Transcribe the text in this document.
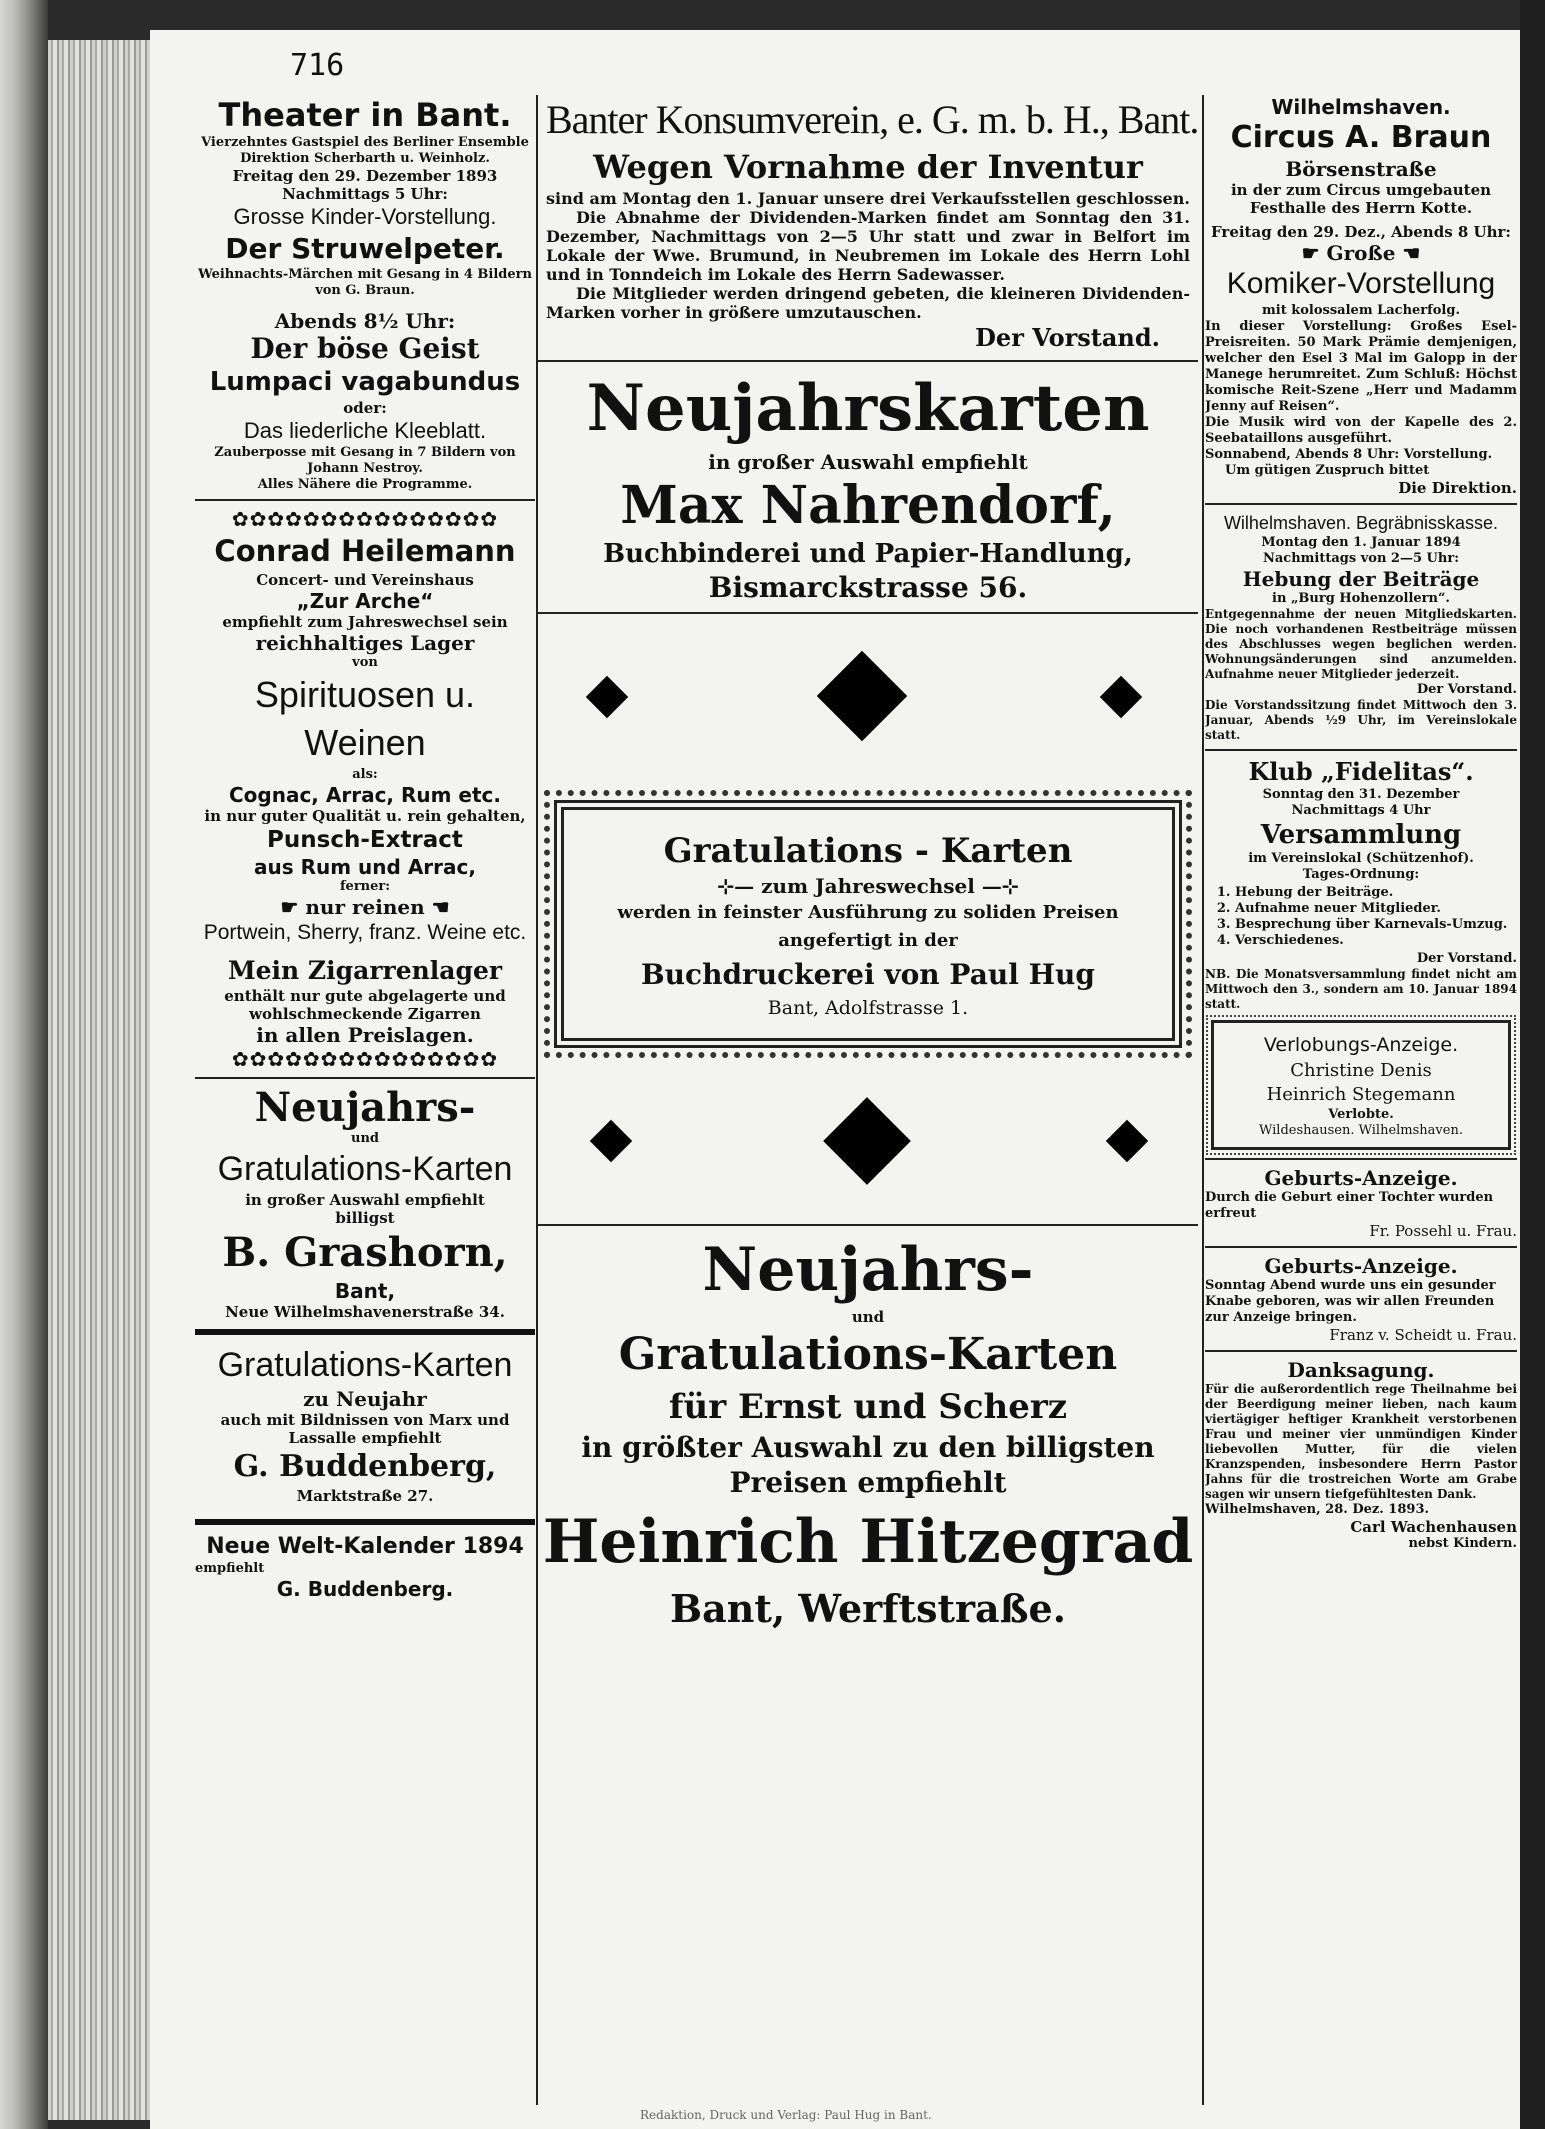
716
Theater in Bant.
Vierzehntes Gastspiel des Berliner Ensemble
Direktion Scherbarth u. Weinholz.
Freitag den 29. Dezember 1893
Nachmittags 5 Uhr:
Grosse Kinder-Vorstellung.
Der Struwelpeter.
Weihnachts-Märchen mit Gesang in 4 Bildern
von G. Braun.
Abends 8½ Uhr:
Der böse Geist
Lumpaci vagabundus
oder:
Das liederliche Kleeblatt.
Zauberposse mit Gesang in 7 Bildern von
Johann Nestroy.
Alles Nähere die Programme.
✿✿✿✿✿✿✿✿✿✿✿✿✿✿✿
Conrad Heilemann
Concert- und Vereinshaus
„Zur Arche“
empfiehlt zum Jahreswechsel sein
reichhaltiges Lager
von
Spirituosen u. Weinen
als:
Cognac, Arrac, Rum etc.
in nur guter Qualität u. rein gehalten,
Punsch-Extract
aus Rum und Arrac,
ferner:
☛ nur reinen ☚
Portwein, Sherry, franz. Weine etc.
Mein Zigarrenlager
enthält nur gute abgelagerte und
wohlschmeckende Zigarren
in allen Preislagen.
✿✿✿✿✿✿✿✿✿✿✿✿✿✿✿
Neujahrs-
und
Gratulations-Karten
in großer Auswahl empfiehlt
billigst
B. Grashorn,
Bant,
Neue Wilhelmshavenerstraße 34.
Gratulations-Karten
zu Neujahr
auch mit Bildnissen von Marx und
Lassalle empfiehlt
G. Buddenberg,
Marktstraße 27.
Neue Welt-Kalender 1894
empfiehlt
G. Buddenberg.
Banter Konsumverein, e. G. m. b. H., Bant.
Wegen Vornahme der Inventur
sind am Montag den 1. Januar unsere drei Verkaufsstellen geschlossen.
Die Abnahme der Dividenden-Marken findet am Sonntag den 31. Dezember, Nachmittags von 2—5 Uhr statt und zwar in Belfort im Lokale der Wwe. Brumund, in Neubremen im Lokale des Herrn Lohl und in Tonndeich im Lokale des Herrn Sadewasser.
Die Mitglieder werden dringend gebeten, die kleineren Dividenden-Marken vorher in größere umzutauschen.
Der Vorstand.
Neujahrskarten
in großer Auswahl empfiehlt
Max Nahrendorf,
Buchbinderei und Papier-Handlung,
Bismarckstrasse 56.
Gratulations - Karten
⊹— zum Jahreswechsel —⊹
werden in feinster Ausführung zu soliden Preisen
angefertigt in der
Buchdruckerei von Paul Hug
Bant, Adolfstrasse 1.
Neujahrs-
und
Gratulations-Karten
für Ernst und Scherz
in größter Auswahl zu den billigsten
Preisen empfiehlt
Heinrich Hitzegrad
Bant, Werftstraße.
Wilhelmshaven.
Circus A. Braun
Börsenstraße
in der zum Circus umgebauten
Festhalle des Herrn Kotte.
Freitag den 29. Dez., Abends 8 Uhr:
☛ Große ☚
Komiker-Vorstellung
mit kolossalem Lacherfolg.
In dieser Vorstellung: Großes Esel-Preisreiten. 50 Mark Prämie demjenigen, welcher den Esel 3 Mal im Galopp in der Manege herumreitet. Zum Schluß: Höchst komische Reit-Szene „Herr und Madamm Jenny auf Reisen“.
Die Musik wird von der Kapelle des 2. Seebataillons ausgeführt.
Sonnabend, Abends 8 Uhr: Vorstellung.
Um gütigen Zuspruch bittet
Die Direktion.
Wilhelmshaven. Begräbnisskasse.
Montag den 1. Januar 1894
Nachmittags von 2—5 Uhr:
Hebung der Beiträge
in „Burg Hohenzollern“.
Entgegennahme der neuen Mitgliedskarten. Die noch vorhandenen Restbeiträge müssen des Abschlusses wegen beglichen werden. Wohnungsänderungen sind anzumelden. Aufnahme neuer Mitglieder jederzeit.
Der Vorstand.
Die Vorstandssitzung findet Mittwoch den 3. Januar, Abends ½9 Uhr, im Vereinslokale statt.
Klub „Fidelitas“.
Sonntag den 31. Dezember
Nachmittags 4 Uhr
Versammlung
im Vereinslokal (Schützenhof).
Tages-Ordnung:
1. Hebung der Beiträge.
2. Aufnahme neuer Mitglieder.
3. Besprechung über Karnevals-Umzug.
4. Verschiedenes.
Der Vorstand.
NB. Die Monatsversammlung findet nicht am Mittwoch den 3., sondern am 10. Januar 1894 statt.
Verlobungs-Anzeige.
Christine Denis
Heinrich Stegemann
Verlobte.
Wildeshausen. Wilhelmshaven.
Geburts-Anzeige.
Durch die Geburt einer Tochter wurden erfreut
Fr. Possehl u. Frau.
Geburts-Anzeige.
Sonntag Abend wurde uns ein gesunder Knabe geboren, was wir allen Freunden zur Anzeige bringen.
Franz v. Scheidt u. Frau.
Danksagung.
Für die außerordentlich rege Theilnahme bei der Beerdigung meiner lieben, nach kaum viertägiger heftiger Krankheit verstorbenen Frau und meiner vier unmündigen Kinder liebevollen Mutter, für die vielen Kranzspenden, insbesondere Herrn Pastor Jahns für die trostreichen Worte am Grabe sagen wir unsern tiefgefühltesten Dank.
Wilhelmshaven, 28. Dez. 1893.
Carl Wachenhausen
nebst Kindern.
Redaktion, Druck und Verlag: Paul Hug in Bant.
